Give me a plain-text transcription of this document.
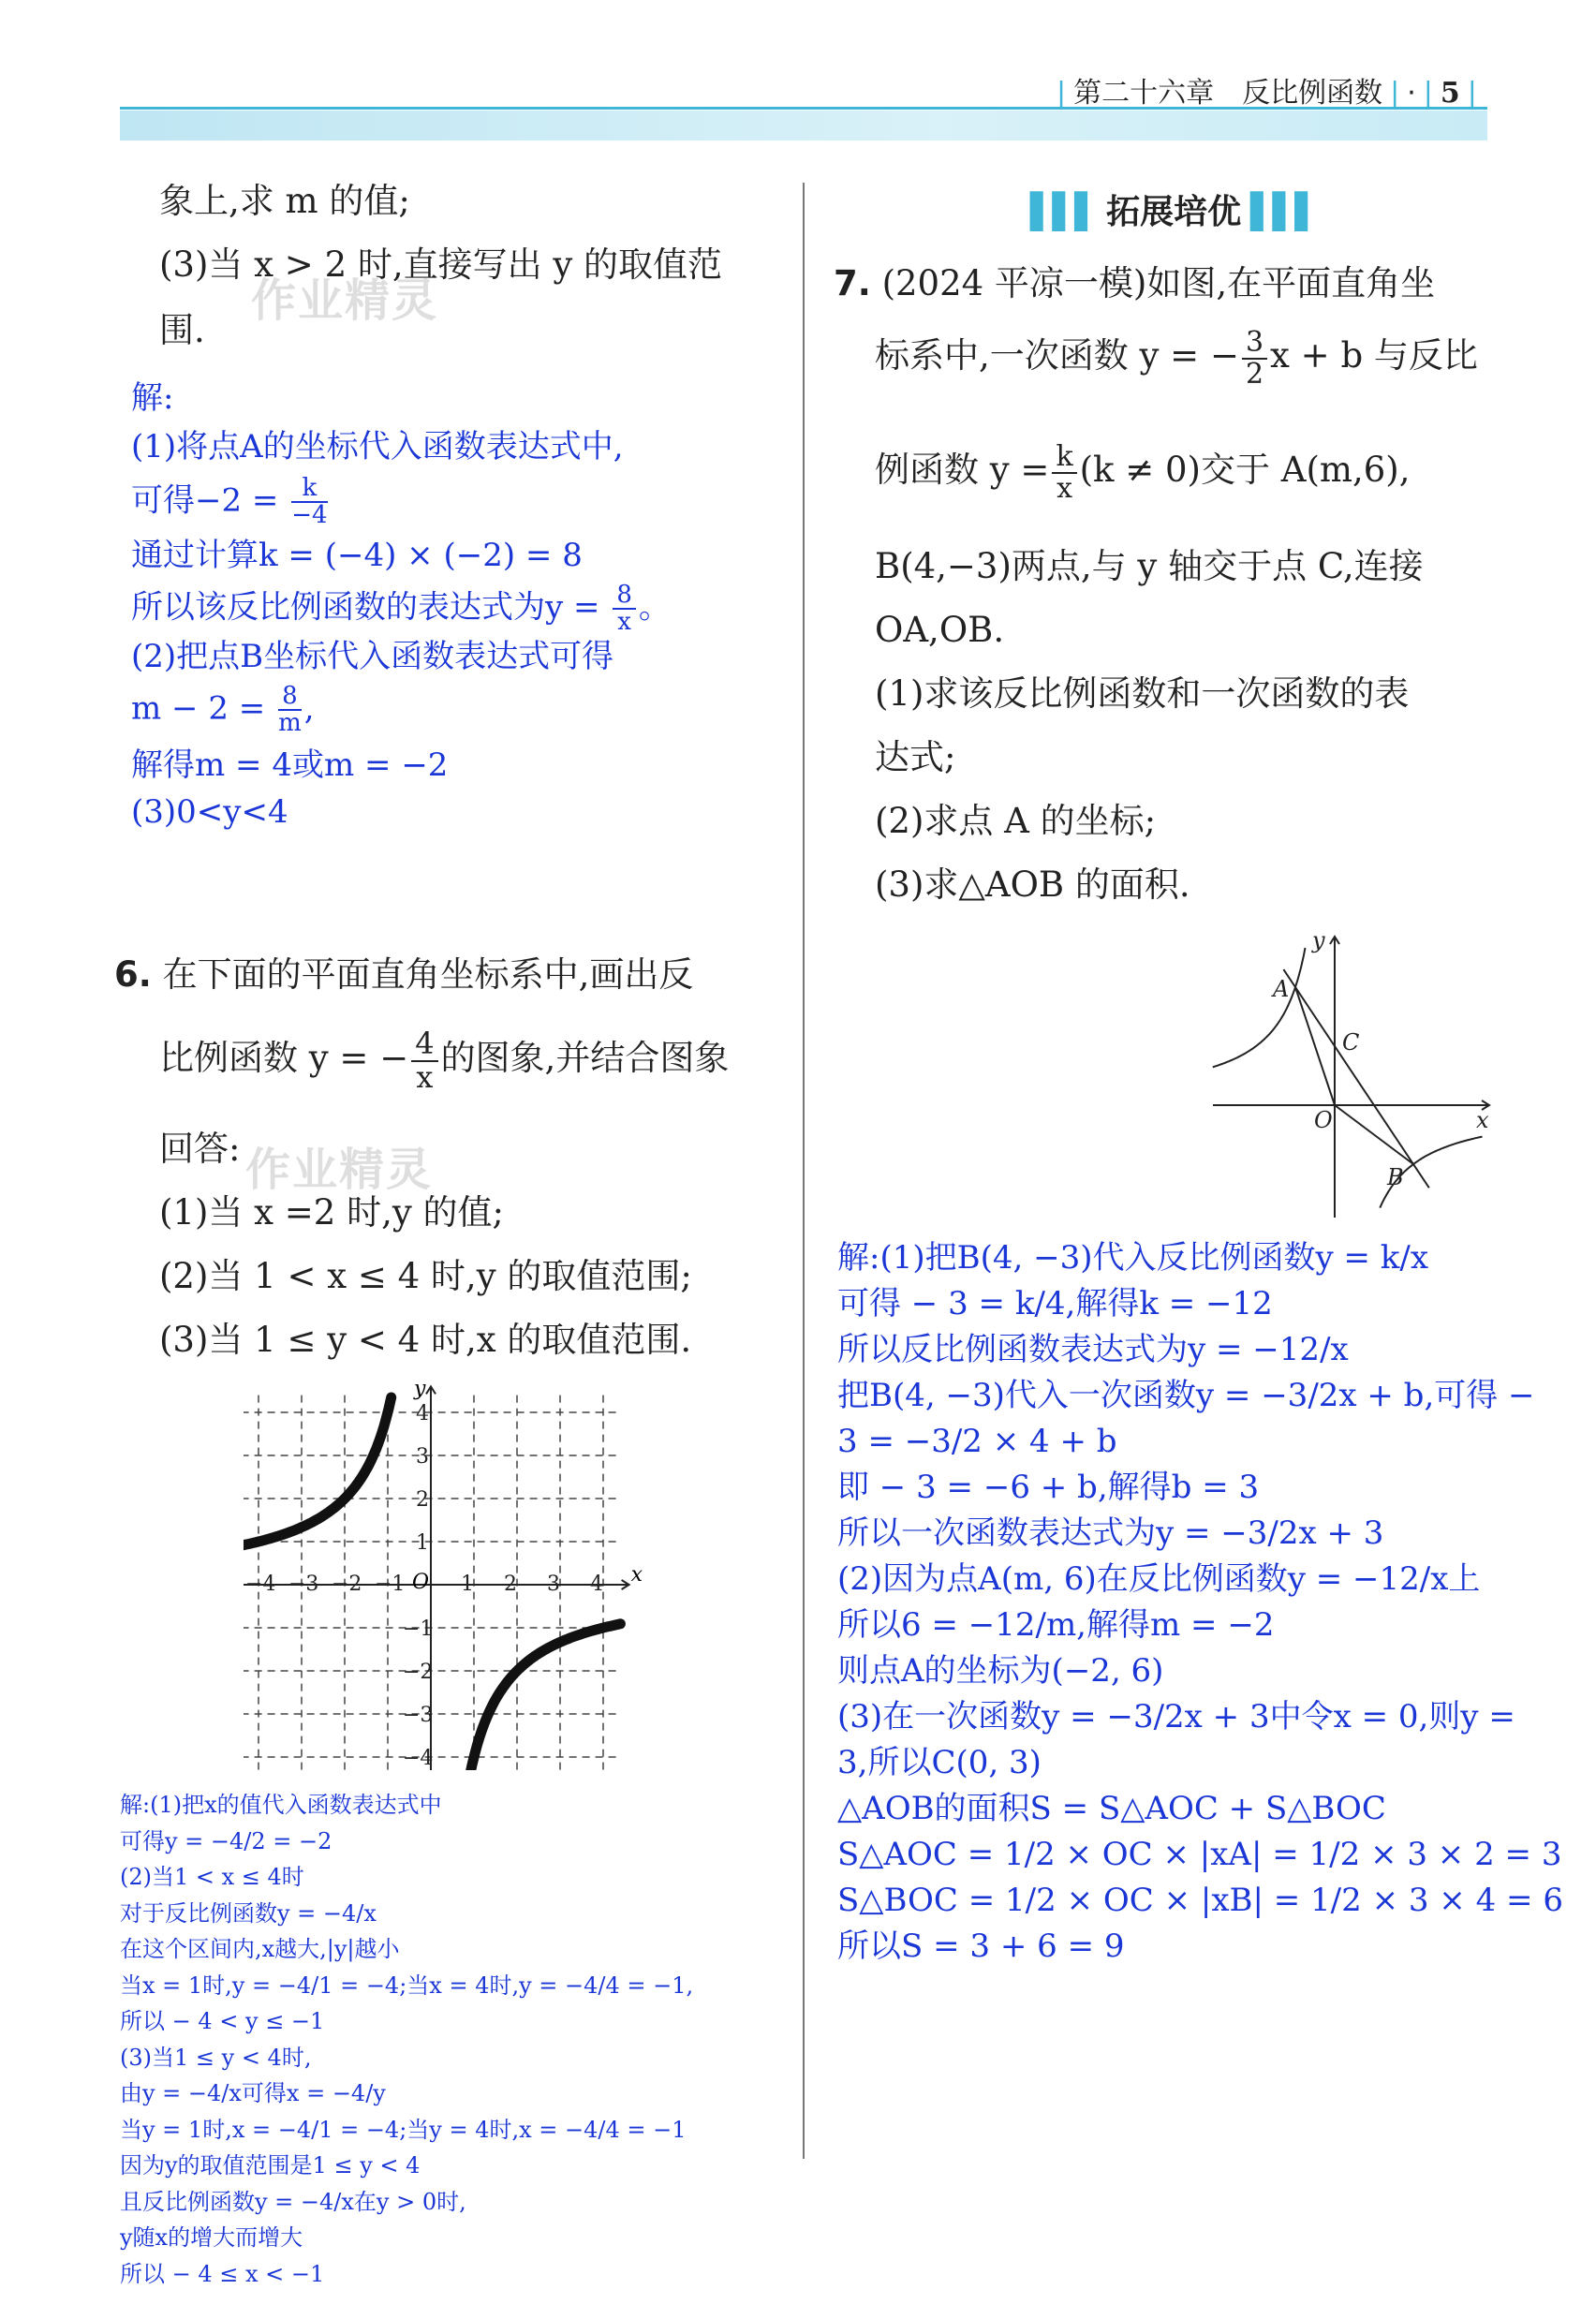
| 第二十六章　反比例函数 | · | 5 |
象上,求 m 的值;
(3)当 x > 2 时,直接写出 y 的取值范
围.
作业精灵
解:
(1)将点A的坐标代入函数表达式中,
可得$-2 = \frac{k}{-4}$
通过计算k = (−4) × (−2) = 8
所以该反比例函数的表达式为$y = \frac{8}{x}$ 。
(2)把点B坐标代入函数表达式可得
$m - 2 = \frac{8}{m}$ ,
解得m = 4或m = −2
(3)0<y<4
6. 在下面的平面直角坐标系中,画出反
比例函数 y = − $\frac{4}{x}$ 的图象,并结合图象
回答: 作业精灵
(1)当 x =2 时,y 的值;
(2)当 1 < x ≤ 4 时,y 的取值范围;
(3)当 1 ≤ y < 4 时,x 的取值范围.
x
y
O
−4 −3 −2 −1	1 2 3 4
4
3
2
1
−1
−2
−3
−4
解:(1)把x的值代入函数表达式中
可得y = −4/2 = −2
(2)当1 < x ≤ 4时
对于反比例函数y = −4/x
在这个区间内,x越大,|y|越小
当x = 1时,y = −4/1 = −4;当x = 4时,y = −4/4 = −1,
所以 − 4 < y ≤ −1
(3)当1 ≤ y < 4时,
由y = −4/x可得x = −4/y
当y = 1时,x = −4/1 = −4;当y = 4时,x = −4/4 = −1
因为y的取值范围是1 ≤ y < 4
且反比例函数y = −4/x在y > 0时,
y随x的增大而增大
所以 − 4 ≤ x < −1
▌▌▌ 拓展培优 ▌▌▌
7. (2024 平凉一模)如图,在平面直角坐
标系中,一次函数 y = − $\frac{3}{2}$ x + b 与反比
例函数 $y = \frac{k}{x} (k \ne 0)$交于 A(m,6),
B(4,−3)两点,与 y 轴交于点 C,连接
OA,OB.
(1)求该反比例函数和一次函数的表
达式;
(2)求点 A 的坐标;
(3)求△AOB 的面积.
A
B
C
O	x
y
解:(1)把B(4, −3)代入反比例函数y = k/x
可得 − 3 = k/4,解得k = −12
所以反比例函数表达式为y = −12/x
把B(4, −3)代入一次函数y = −3/2x + b,可得 −
3 = −3/2 × 4 + b
即 − 3 = −6 + b,解得b = 3
所以一次函数表达式为y = −3/2x + 3
(2)因为点A(m, 6)在反比例函数y = −12/x上
所以6 = −12/m,解得m = −2
则点A的坐标为(−2, 6)
(3)在一次函数y = −3/2x + 3中令x = 0,则y =
3,所以C(0, 3)
△AOB的面积S = S△AOC + S△BOC
S△AOC = 1/2 × OC × |xA| = 1/2 × 3 × 2 = 3
S△BOC = 1/2 × OC × |xB| = 1/2 × 3 × 4 = 6
所以S = 3 + 6 = 9
